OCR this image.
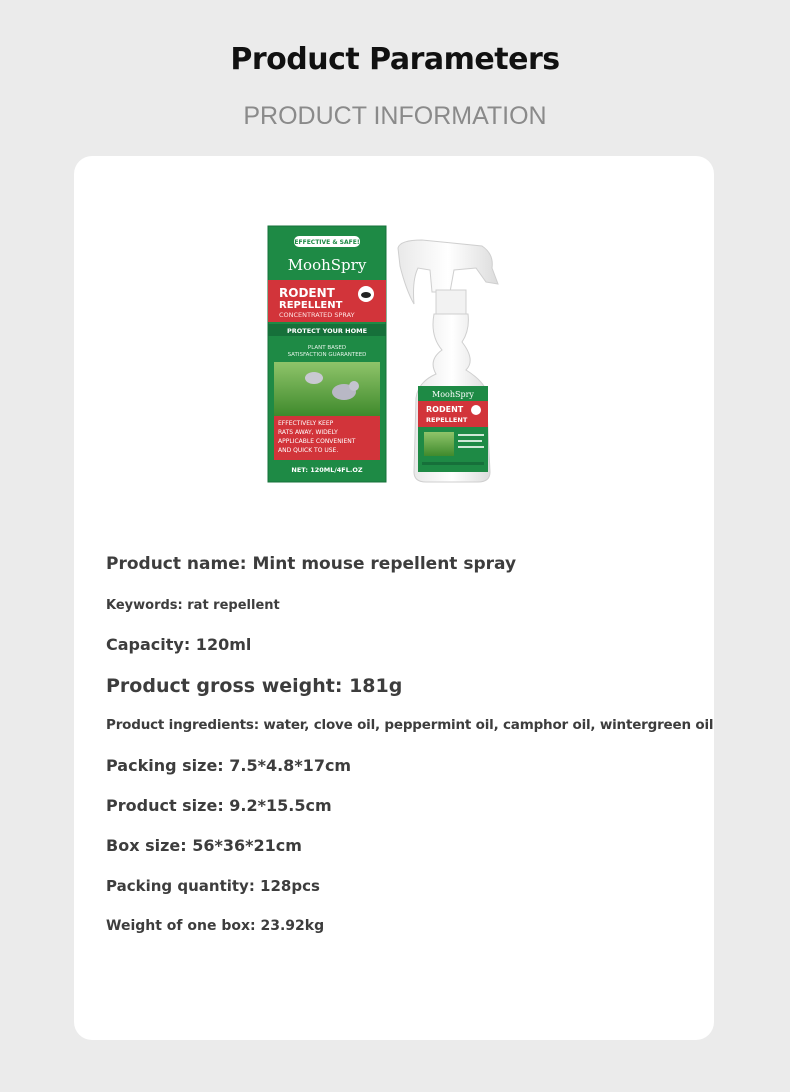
Product Parameters
PRODUCT INFORMATION
EFFECTIVE & SAFE!
MoohSpry
RODENT
REPELLENT
CONCENTRATED SPRAY
PROTECT YOUR HOME
PLANT BASED
SATISFACTION GUARANTEED
EFFECTIVELY KEEP
RATS AWAY, WIDELY
APPLICABLE CONVENIENT
AND QUICK TO USE.
NET: 120ML/4FL.OZ
MoohSpry
RODENT
REPELLENT
Product name: Mint mouse repellent spray
Keywords: rat repellent
Capacity: 120ml
Product gross weight: 181g
Product ingredients: water, clove oil, peppermint oil, camphor oil, wintergreen oil
Packing size: 7.5*4.8*17cm
Product size: 9.2*15.5cm
Box size: 56*36*21cm
Packing quantity: 128pcs
Weight of one box: 23.92kg
